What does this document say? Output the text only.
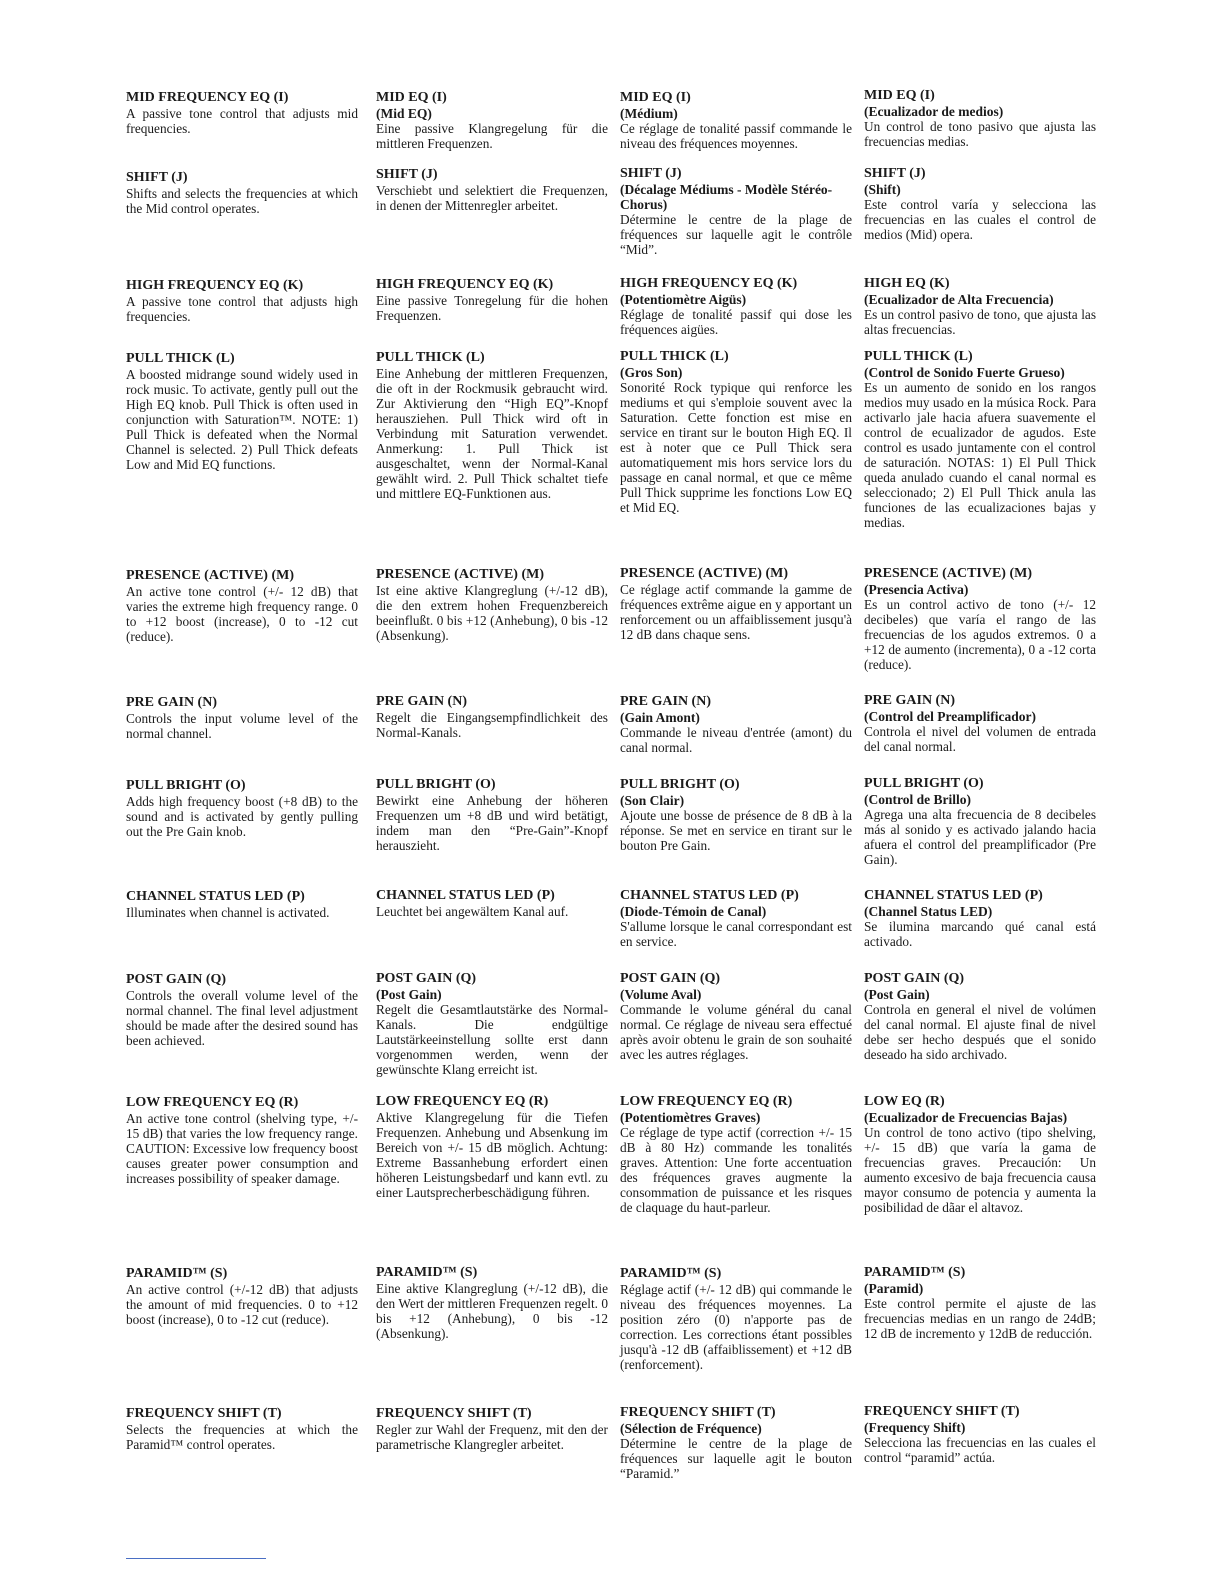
MID FREQUENCY EQ (I)

A passive tone control that adjusts mid frequencies.

SHIFT (J)

Shifts and selects the frequencies at which the Mid control operates.

HIGH FREQUENCY EQ (K)

A passive tone control that adjusts high frequencies.

PULL THICK (L)

A boosted midrange sound widely used in rock music. To activate, gently pull out the High EQ knob. Pull Thick is often used in conjunction with Saturation™. NOTE: 1) Pull Thick is defeated when the Normal Channel is selected. 2) Pull Thick defeats Low and Mid EQ functions.

PRESENCE (ACTIVE) (M)

An active tone control (+/- 12 dB) that varies the extreme high frequency range. 0 to +12 boost (increase), 0 to -12 cut (reduce).

PRE GAIN (N)

Controls the input volume level of the normal channel.

PULL BRIGHT (O)

Adds high frequency boost (+8 dB) to the sound and is activated by gently pulling out the Pre Gain knob.

CHANNEL STATUS LED (P)

Illuminates when channel is activated.

POST GAIN (Q)

Controls the overall volume level of the normal channel. The final level adjustment should be made after the desired sound has been achieved.

LOW FREQUENCY EQ (R)

An active tone control (shelving type, +/- 15 dB) that varies the low frequency range. CAUTION: Excessive low frequency boost causes greater power consumption and increases possibility of speaker damage.

PARAMID™ (S)

An active control (+/-12 dB) that adjusts the amount of mid frequencies. 0 to +12 boost (increase), 0 to -12 cut (reduce).

FREQUENCY SHIFT (T)

Selects the frequencies at which the Paramid™ control operates.

MID EQ (I)

(Mid EQ)

Eine passive Klangregelung für die mittleren Frequenzen.

SHIFT (J)

Verschiebt und selektiert die Frequenzen, in denen der Mittenregler arbeitet.

HIGH FREQUENCY EQ (K)

Eine passive Tonregelung für die hohen Frequenzen.

PULL THICK (L)

Eine Anhebung der mittleren Frequenzen, die oft in der Rockmusik gebraucht wird. Zur Aktivierung den “High EQ”-Knopf herausziehen. Pull Thick wird oft in Verbindung mit Saturation verwendet. Anmerkung: 1. Pull Thick ist ausgeschaltet, wenn der Normal-Kanal gewählt wird. 2. Pull Thick schaltet tiefe und mittlere EQ-Funktionen aus.

PRESENCE (ACTIVE) (M)

Ist eine aktive Klangreglung (+/-12 dB), die den extrem hohen Frequenzbereich beeinflußt. 0 bis +12 (Anhebung), 0 bis -12 (Absenkung).

PRE GAIN (N)

Regelt die Eingangsempfindlichkeit des Normal-Kanals.

PULL BRIGHT (O)

Bewirkt eine Anhebung der höheren Frequenzen um +8 dB und wird betätigt, indem man den “Pre-Gain”-Knopf herauszieht.

CHANNEL STATUS LED (P)

Leuchtet bei angewältem Kanal auf.

POST GAIN (Q)

(Post Gain)

Regelt die Gesamtlautstärke des Normal-Kanals. Die endgültige Lautstärkeeinstellung sollte erst dann vorgenommen werden, wenn der gewünschte Klang erreicht ist.

LOW FREQUENCY EQ (R)

Aktive Klangregelung für die Tiefen Frequenzen. Anhebung und Absenkung im Bereich von +/- 15 dB möglich. Achtung: Extreme Bassanhebung erfordert einen höheren Leistungsbedarf und kann evtl. zu einer Lautsprecherbeschädigung führen.

PARAMID™ (S)

Eine aktive Klangreglung (+/-12 dB), die den Wert der mittleren Frequenzen regelt. 0 bis +12 (Anhebung), 0 bis -12 (Absenkung).

FREQUENCY SHIFT (T)

Regler zur Wahl der Frequenz, mit den der parametrische Klangregler arbeitet.

MID EQ (I)

(Médium)

Ce réglage de tonalité passif commande le niveau des fréquences moyennes.

SHIFT (J)

(Décalage Médiums - Modèle Stéréo-Chorus)

Détermine le centre de la plage de fréquences sur laquelle agit le contrôle “Mid”.

HIGH FREQUENCY EQ (K)

(Potentiomètre Aigüs)

Réglage de tonalité passif qui dose les fréquences aigües.

PULL THICK (L)

(Gros Son)

Sonorité Rock typique qui renforce les mediums et qui s'emploie souvent avec la Saturation. Cette fonction est mise en service en tirant sur le bouton High EQ. Il est à noter que ce Pull Thick sera automatiquement mis hors service lors du passage en canal normal, et que ce même Pull Thick supprime les fonctions Low EQ et Mid EQ.

PRESENCE (ACTIVE) (M)

Ce réglage actif commande la gamme de fréquences extrême aigue en y apportant un renforcement ou un affaiblissement jusqu'à 12 dB dans chaque sens.

PRE GAIN (N)

(Gain Amont)

Commande le niveau d'entrée (amont) du canal normal.

PULL BRIGHT (O)

(Son Clair)

Ajoute une bosse de présence de 8 dB à la réponse. Se met en service en tirant sur le bouton Pre Gain.

CHANNEL STATUS LED (P)

(Diode-Témoin de Canal)

S'allume lorsque le canal correspondant est en service.

POST GAIN (Q)

(Volume Aval)

Commande le volume général du canal normal. Ce réglage de niveau sera effectué après avoir obtenu le grain de son souhaité avec les autres réglages.

LOW FREQUENCY EQ (R)

(Potentiomètres Graves)

Ce réglage de type actif (correction +/- 15 dB à 80 Hz) commande les tonalités graves. Attention: Une forte accentuation des fréquences graves augmente la consommation de puissance et les risques de claquage du haut-parleur.

PARAMID™ (S)

Réglage actif (+/- 12 dB) qui commande le niveau des fréquences moyennes. La position zéro (0) n'apporte pas de correction. Les corrections étant possibles jusqu'à -12 dB (affaiblissement) et +12 dB (renforcement).

FREQUENCY SHIFT (T)

(Sélection de Fréquence)

Détermine le centre de la plage de fréquences sur laquelle agit le bouton “Paramid.”

MID EQ (I)

(Ecualizador de medios)

Un control de tono pasivo que ajusta las frecuencias medias.

SHIFT (J)

(Shift)

Este control varía y selecciona las frecuencias en las cuales el control de medios (Mid) opera.

HIGH EQ (K)

(Ecualizador de Alta Frecuencia)

Es un control pasivo de tono, que ajusta las altas frecuencias.

PULL THICK (L)

(Control de Sonido Fuerte Grueso)

Es un aumento de sonido en los rangos medios muy usado en la música Rock. Para activarlo jale hacia afuera suavemente el control de ecualizador de agudos. Este control es usado juntamente con el control de saturación. NOTAS: 1) El Pull Thick queda anulado cuando el canal normal es seleccionado; 2) El Pull Thick anula las funciones de las ecualizaciones bajas y medias.

PRESENCE (ACTIVE) (M)

(Presencia Activa)

Es un control activo de tono (+/- 12 decibeles) que varía el rango de las frecuencias de los agudos extremos. 0 a +12 de aumento (incrementa), 0 a -12 corta (reduce).

PRE GAIN (N)

(Control del Preamplificador)

Controla el nivel del volumen de entrada del canal normal.

PULL BRIGHT (O)

(Control de Brillo)

Agrega una alta frecuencia de 8 decibeles más al sonido y es activado jalando hacia afuera el control del preamplificador (Pre Gain).

CHANNEL STATUS LED (P)

(Channel Status LED)

Se ilumina marcando qué canal está activado.

POST GAIN (Q)

(Post Gain)

Controla en general el nivel de volúmen del canal normal. El ajuste final de nivel debe ser hecho después que el sonido deseado ha sido archivado.

LOW EQ (R)

(Ecualizador de Frecuencias Bajas)

Un control de tono activo (tipo shelving, +/- 15 dB) que varía la gama de frecuencias graves. Precaución: Un aumento excesivo de baja frecuencia causa mayor consumo de potencia y aumenta la posibilidad de dãar el altavoz.

PARAMID™ (S)

(Paramid)

Este control permite el ajuste de las frecuencias medias en un rango de 24dB; 12 dB de incremento y 12dB de reducción.

FREQUENCY SHIFT (T)

(Frequency Shift)

Selecciona las frecuencias en las cuales el control “paramid” actúa.
